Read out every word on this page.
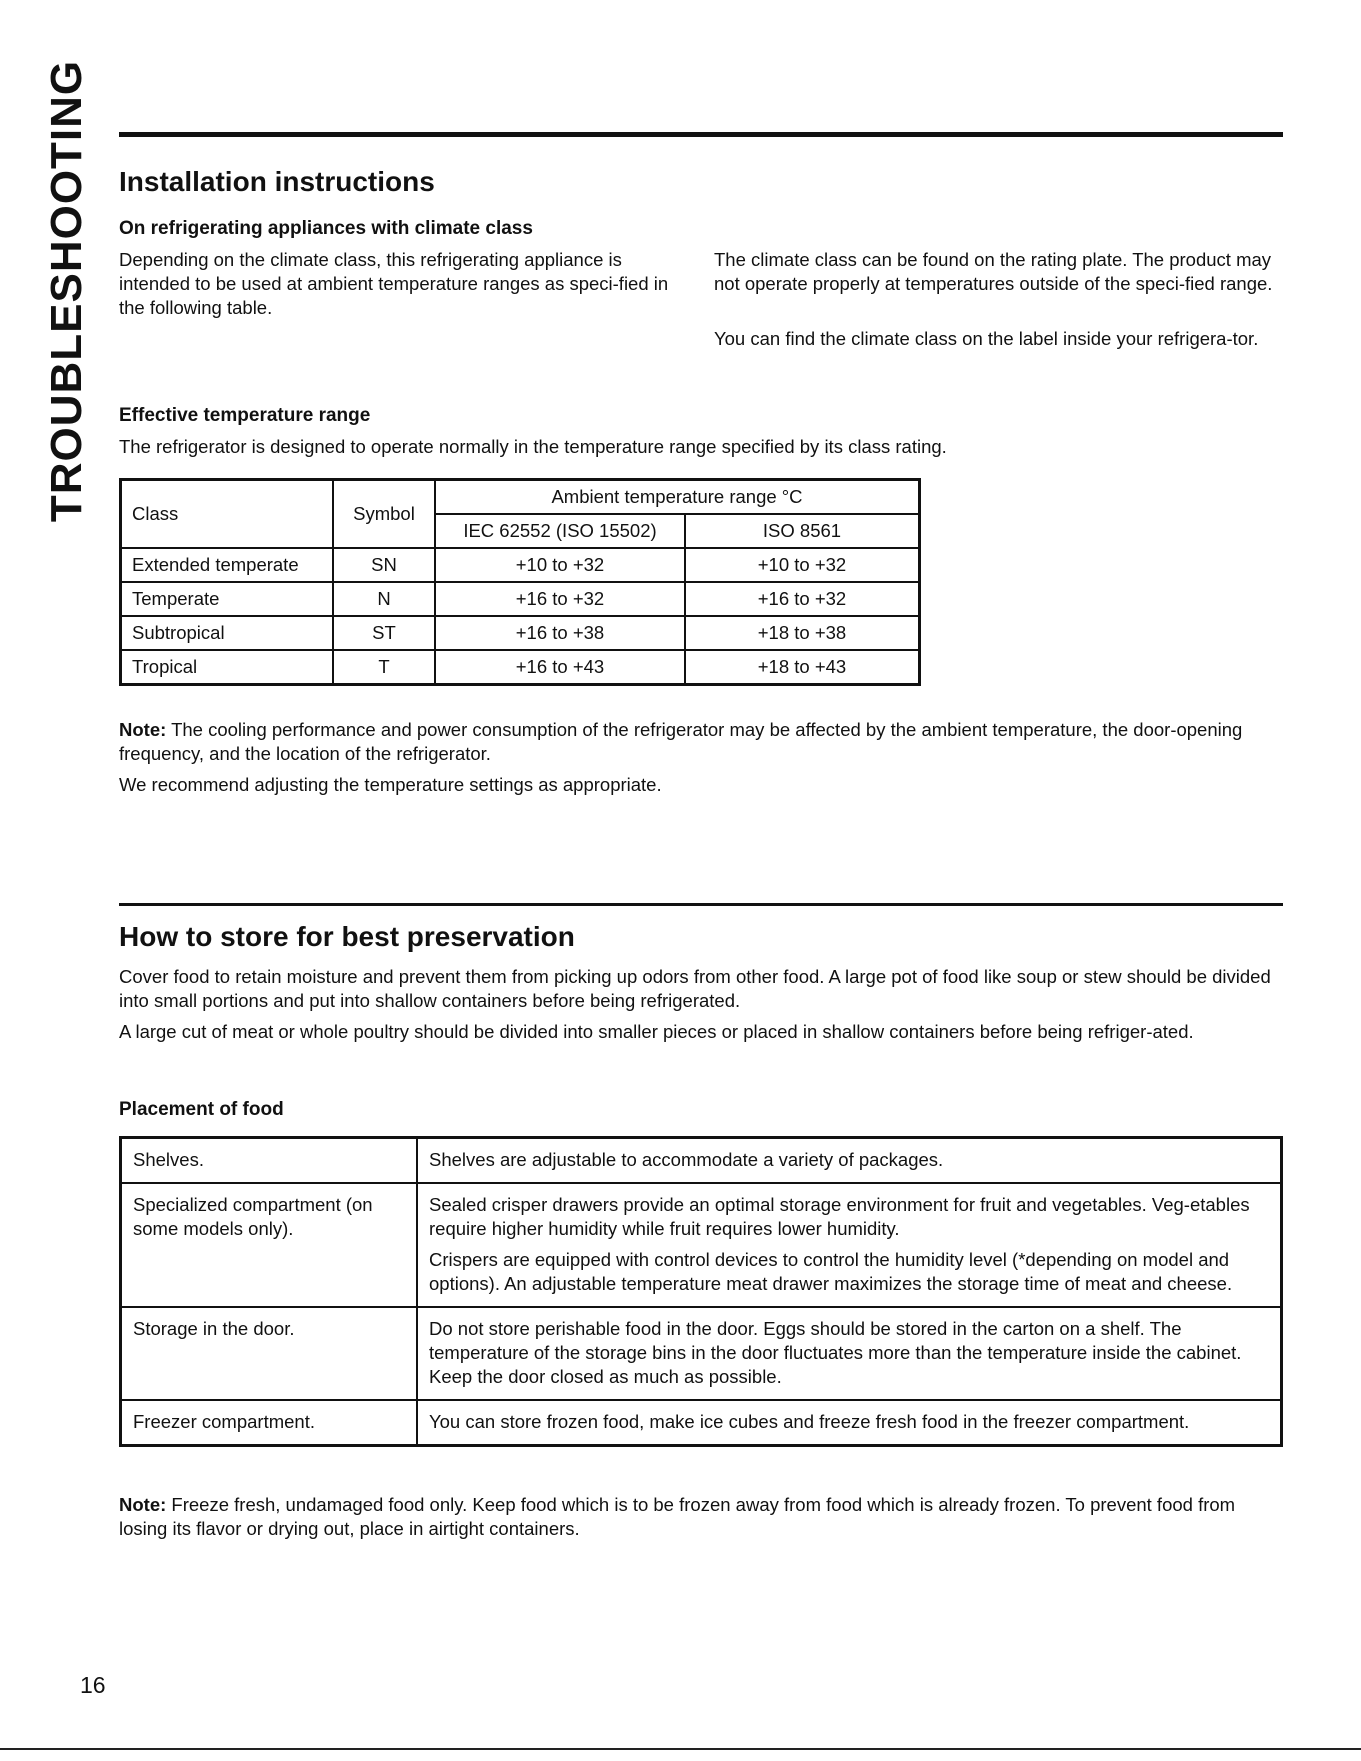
TROUBLESHOOTING Installation instructions
On refrigerating appliances with climate class

Depending on the climate class, this refrigerating appliance is intended to be used at ambient temperature ranges as speci-fied in the following table.

The climate class can be found on the rating plate. The product may not operate properly at temperatures outside of the speci-fied range.

You can find the climate class on the label inside your refrigera-tor.

Effective temperature range

The refrigerator is designed to operate normally in the temperature range specified by its class rating.

Class	Symbol	Ambient temperature range °C	
		IEC 62552 (ISO 15502)	ISO 8561
Extended temperate	SN	+10 to +32	+10 to +32
Temperate	N	+16 to +32	+16 to +32
Subtropical	ST	+16 to +38	+18 to +38
Tropical	T	+16 to +43	+18 to +43

Note: The cooling performance and power consumption of the refrigerator may be affected by the ambient temperature, the door-opening frequency, and the location of the refrigerator.

We recommend adjusting the temperature settings as appropriate.

How to store for best preservation

Cover food to retain moisture and prevent them from picking up odors from other food. A large pot of food like soup or stew should be divided into small portions and put into shallow containers before being refrigerated.

A large cut of meat or whole poultry should be divided into smaller pieces or placed in shallow containers before being refriger-ated.

Placement of food
Shelves.	Shelves are adjustable to accommodate a variety of packages.

Specialized compartment (on some models only).	Sealed crisper drawers provide an optimal storage environment for fruit and vegetables. Veg-etables require higher humidity while fruit requires lower humidity.

Crispers are equipped with control devices to control the humidity level (*depending on model and options). An adjustable temperature meat drawer maximizes the storage time of meat and cheese.

Storage in the door.	Do not store perishable food in the door. Eggs should be stored in the carton on a shelf. The temperature of the storage bins in the door fluctuates more than the temperature inside the cabinet. Keep the door closed as much as possible.

Freezer compartment.	You can store frozen food, make ice cubes and freeze fresh food in the freezer compartment.

Note: Freeze fresh, undamaged food only. Keep food which is to be frozen away from food which is already frozen. To prevent food from losing its flavor or drying out, place in airtight containers.

16
